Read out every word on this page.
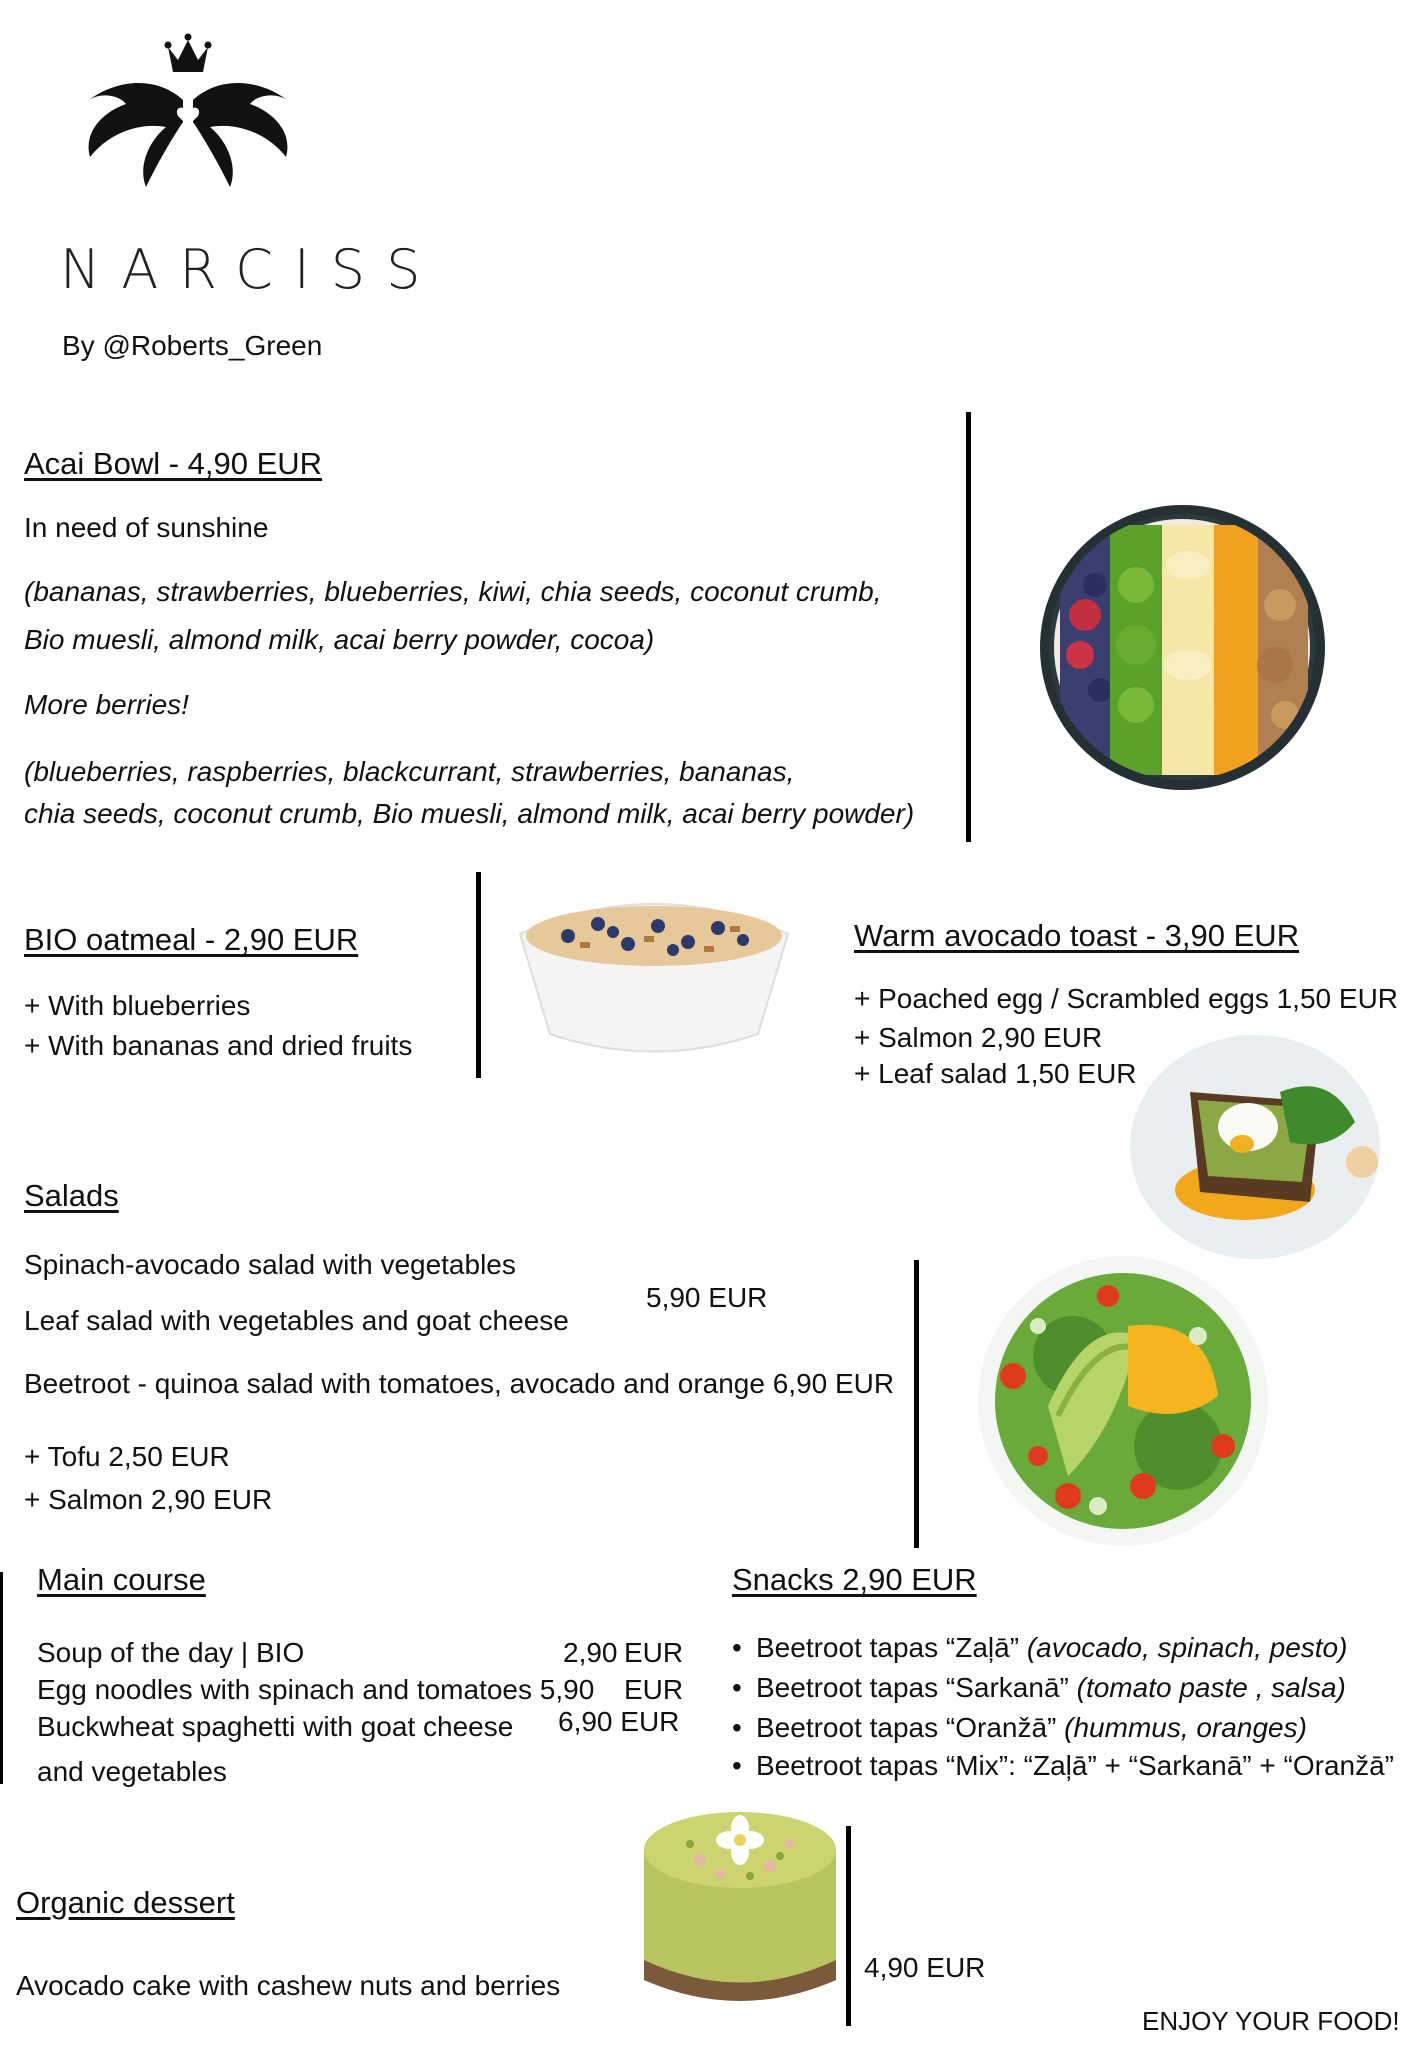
NARCISS
By @Roberts_Green
Acai Bowl - 4,90 EUR
In need of sunshine
(bananas, strawberries, blueberries, kiwi, chia seeds, coconut crumb,
Bio muesli, almond milk, acai berry powder, cocoa)
More berries!
(blueberries, raspberries, blackcurrant, strawberries, bananas,
chia seeds, coconut crumb, Bio muesli, almond milk, acai berry powder)
BIO oatmeal - 2,90 EUR
+ With blueberries
+ With bananas and dried fruits
Warm avocado toast - 3,90 EUR
+ Poached egg / Scrambled eggs 1,50 EUR
+ Salmon 2,90 EUR
+ Leaf salad 1,50 EUR
Salads
Spinach-avocado salad with vegetables
Leaf salad with vegetables and goat cheese
5,90 EUR
Beetroot - quinoa salad with tomatoes, avocado and orange 6,90 EUR
+ Tofu 2,50 EUR
+ Salmon 2,90 EUR
Main course
Soup of the day | BIO	2,90 EUR
Egg noodles with spinach and tomatoes 5,90 EUR
Buckwheat spaghetti with goat cheese 6,90 EUR
and vegetables
Snacks 2,90 EUR
• Beetroot tapas “Zaļā” (avocado, spinach, pesto)
• Beetroot tapas “Sarkanā” (tomato paste , salsa)
• Beetroot tapas “Oranžā” (hummus, oranges)
• Beetroot tapas “Mix”: “Zaļā” + “Sarkanā” + “Oranžā”
Organic dessert
Avocado cake with cashew nuts and berries
4,90 EUR
ENJOY YOUR FOOD!
